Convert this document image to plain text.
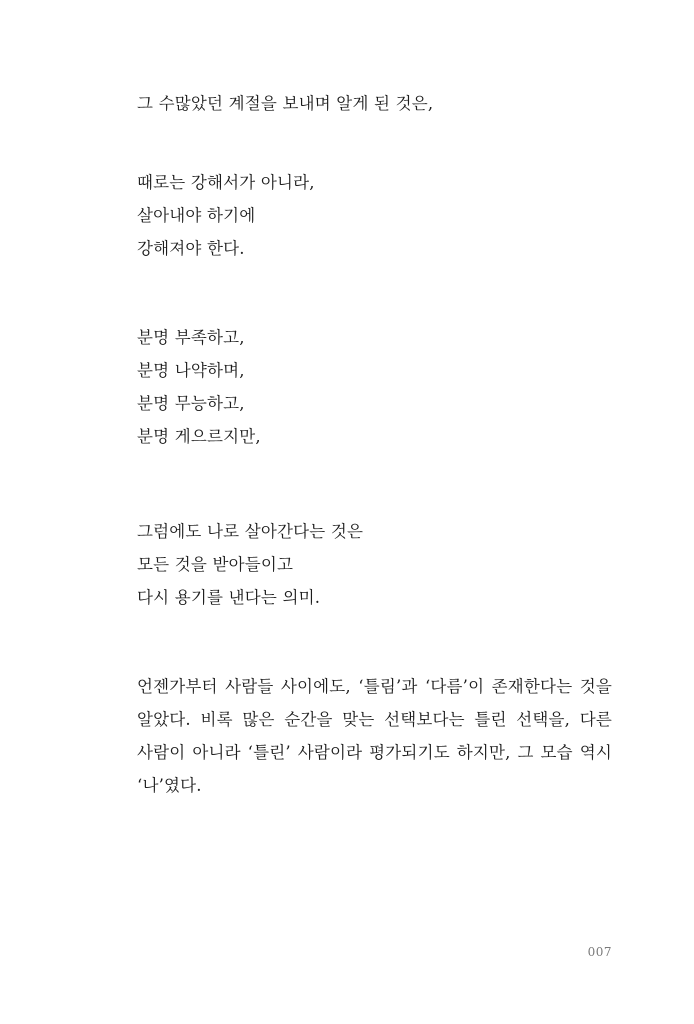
그 수많았던 계절을 보내며 알게 된 것은,
때로는 강해서가 아니라,
살아내야 하기에
강해져야 한다.
분명 부족하고,
분명 나약하며,
분명 무능하고,
분명 게으르지만,
그럼에도 나로 살아간다는 것은
모든 것을 받아들이고
다시 용기를 낸다는 의미.
언젠가부터 사람들 사이에도, ‘틀림’과 ‘다름’이 존재한다는 것을 알았다. 비록 많은 순간을 맞는 선택보다는 틀린 선택을, 다른 사람이 아니라 ‘틀린’ 사람이라 평가되기도 하지만, 그 모습 역시 ‘나’였다.
007
